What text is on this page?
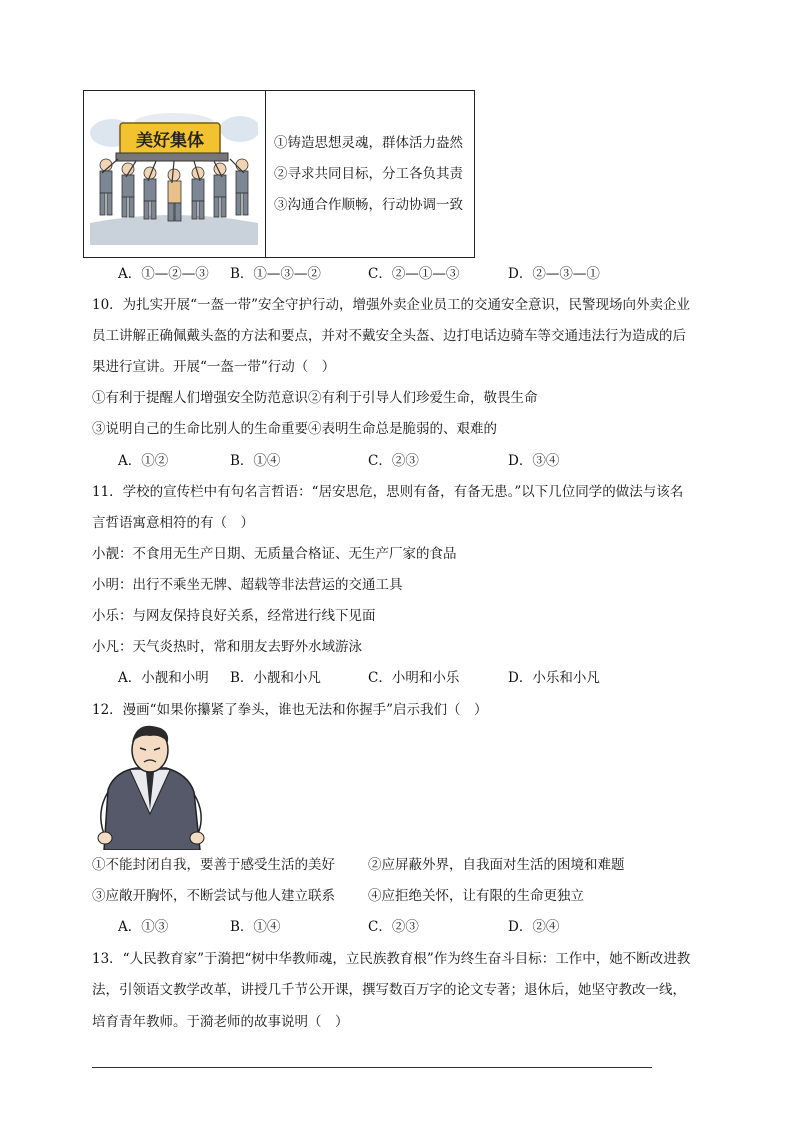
美好集体	①铸造思想灵魂，群体活力盎然
②寻求共同目标，分工各负其责
③沟通合作顺畅，行动协调一致
A．①—②—③ B．①—③—②	C．②—①—③	D．②—③—①
10．为扎实开展“一盔一带”安全守护行动，增强外卖企业员工的交通安全意识，民警现场向外卖企业
员工讲解正确佩戴头盔的方法和要点，并对不戴安全头盔、边打电话边骑车等交通违法行为造成的后
果进行宣讲。开展“一盔一带”行动（　）
①有利于提醒人们增强安全防范意识②有利于引导人们珍爱生命，敬畏生命
③说明自己的生命比别人的生命重要④表明生命总是脆弱的、艰难的
A．①②	B．①④	C．②③	D．③④
11．学校的宣传栏中有句名言哲语：“居安思危，思则有备，有备无患。”以下几位同学的做法与该名
言哲语寓意相符的有（　）
小靓：不食用无生产日期、无质量合格证、无生产厂家的食品
小明：出行不乘坐无牌、超载等非法营运的交通工具
小乐：与网友保持良好关系，经常进行线下见面
小凡：天气炎热时，常和朋友去野外水域游泳
A．小靓和小明 B．小靓和小凡	C．小明和小乐	D．小乐和小凡
12．漫画“如果你攥紧了拳头，谁也无法和你握手”启示我们（　）
①不能封闭自我，要善于感受生活的美好 ②应屏蔽外界，自我面对生活的困境和难题
③应敞开胸怀，不断尝试与他人建立联系 ④应拒绝关怀，让有限的生命更独立
A．①③	B．①④	C．②③	D．②④
13．“人民教育家”于漪把“树中华教师魂，立民族教育根”作为终生奋斗目标：工作中，她不断改进教
法，引领语文教学改革，讲授几千节公开课，撰写数百万字的论文专著；退休后，她坚守教改一线，
培育青年教师。于漪老师的故事说明（　）
